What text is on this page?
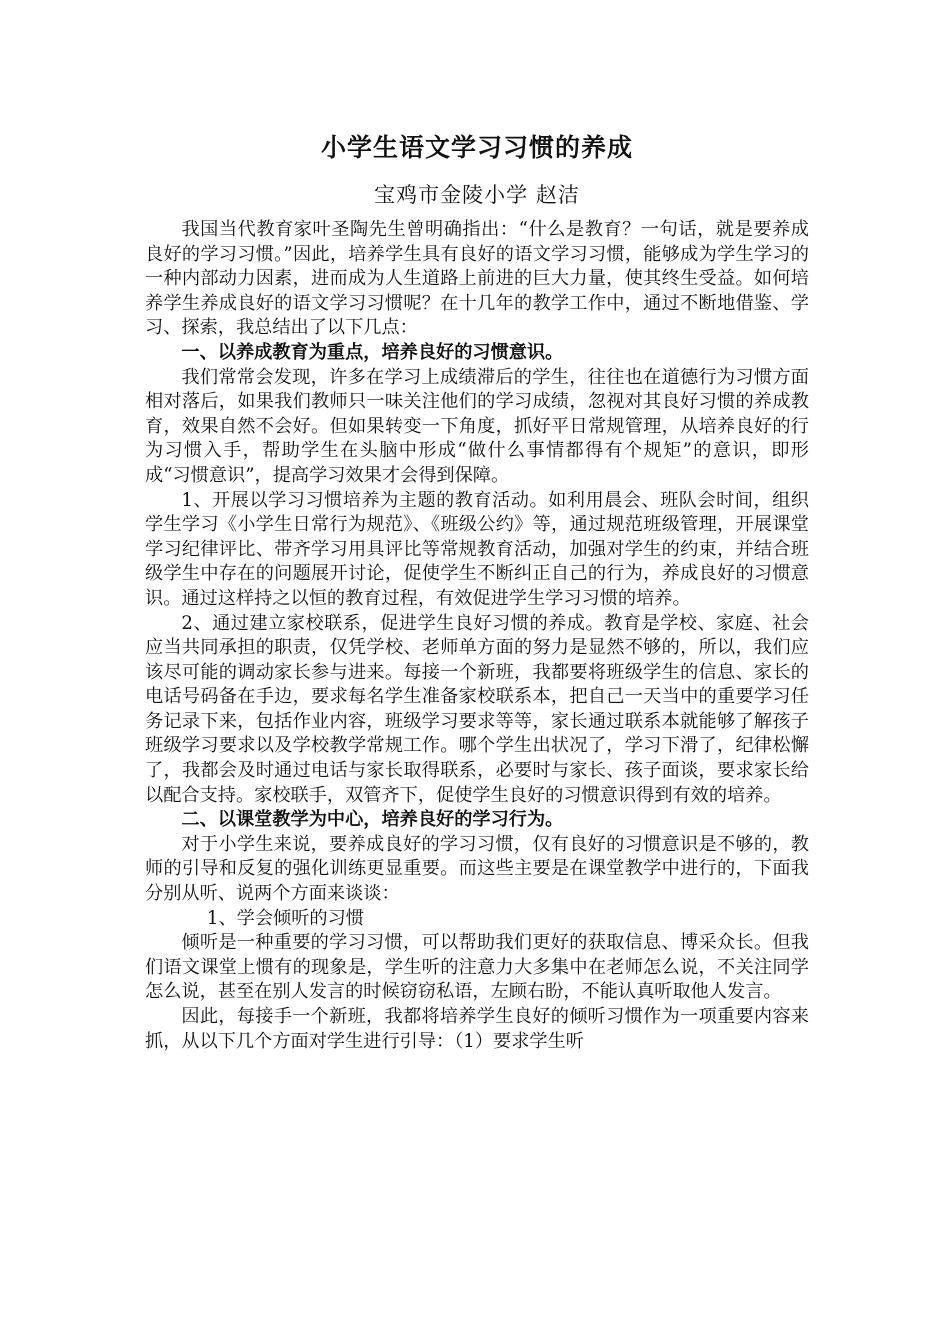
小学生语文学习习惯的养成
宝鸡市金陵小学 赵洁

我国当代教育家叶圣陶先生曾明确指出：“什么是教育？一句话，就是要养成良好的学习习惯。”因此，培养学生具有良好的语文学习习惯，能够成为学生学习的一种内部动力因素，进而成为人生道路上前进的巨大力量，使其终生受益。如何培养学生养成良好的语文学习习惯呢？在十几年的教学工作中，通过不断地借鉴、学习、探索，我总结出了以下几点：

一、以养成教育为重点，培养良好的习惯意识。

我们常常会发现，许多在学习上成绩滞后的学生，往往也在道德行为习惯方面相对落后，如果我们教师只一味关注他们的学习成绩，忽视对其良好习惯的养成教育，效果自然不会好。但如果转变一下角度，抓好平日常规管理，从培养良好的行为习惯入手，帮助学生在头脑中形成“做什么事情都得有个规矩”的意识，即形成“习惯意识”，提高学习效果才会得到保障。

1、开展以学习习惯培养为主题的教育活动。如利用晨会、班队会时间，组织学生学习《小学生日常行为规范》、《班级公约》等，通过规范班级管理，开展课堂学习纪律评比、带齐学习用具评比等常规教育活动，加强对学生的约束，并结合班级学生中存在的问题展开讨论，促使学生不断纠正自己的行为，养成良好的习惯意识。通过这样持之以恒的教育过程，有效促进学生学习习惯的培养。

2、通过建立家校联系，促进学生良好习惯的养成。教育是学校、家庭、社会应当共同承担的职责，仅凭学校、老师单方面的努力是显然不够的，所以，我们应该尽可能的调动家长参与进来。每接一个新班，我都要将班级学生的信息、家长的电话号码备在手边，要求每名学生准备家校联系本，把自己一天当中的重要学习任务记录下来，包括作业内容，班级学习要求等等，家长通过联系本就能够了解孩子班级学习要求以及学校教学常规工作。哪个学生出状况了，学习下滑了，纪律松懈了，我都会及时通过电话与家长取得联系，必要时与家长、孩子面谈，要求家长给以配合支持。家校联手，双管齐下，促使学生良好的习惯意识得到有效的培养。

二、以课堂教学为中心，培养良好的学习行为。

对于小学生来说，要养成良好的学习习惯，仅有良好的习惯意识是不够的，教师的引导和反复的强化训练更显重要。而这些主要是在课堂教学中进行的，下面我分别从听、说两个方面来谈谈：

1、学会倾听的习惯

倾听是一种重要的学习习惯，可以帮助我们更好的获取信息、博采众长。但我们语文课堂上惯有的现象是，学生听的注意力大多集中在老师怎么说，不关注同学怎么说，甚至在别人发言的时候窃窃私语，左顾右盼，不能认真听取他人发言。

因此，每接手一个新班，我都将培养学生良好的倾听习惯作为一项重要内容来抓，从以下几个方面对学生进行引导：（1）要求学生听
